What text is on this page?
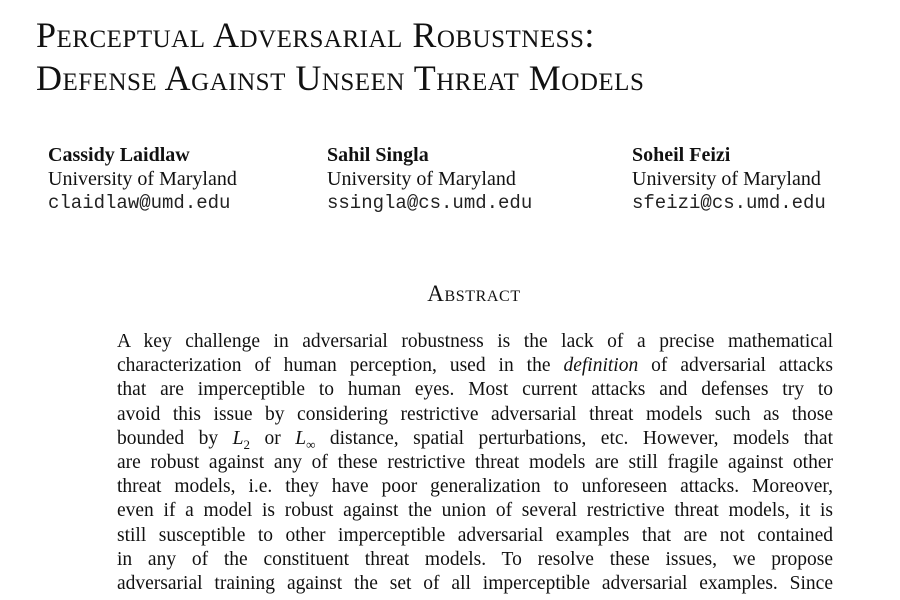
Perceptual Adversarial Robustness:
Defense Against Unseen Threat Models
Cassidy Laidlaw
University of Maryland
claidlaw@umd.edu
Sahil Singla
University of Maryland
ssingla@cs.umd.edu
Soheil Feizi
University of Maryland
sfeizi@cs.umd.edu
Abstract
A key challenge in adversarial robustness is the lack of a precise mathematical
characterization of human perception, used in the definition of adversarial attacks
that are imperceptible to human eyes. Most current attacks and defenses try to
avoid this issue by considering restrictive adversarial threat models such as those
bounded by $L_2$ or $L_\infty$ distance, spatial perturbations, etc. However, models that
are robust against any of these restrictive threat models are still fragile against other
threat models, i.e. they have poor generalization to unforeseen attacks. Moreover,
even if a model is robust against the union of several restrictive threat models, it is
still susceptible to other imperceptible adversarial examples that are not contained
in any of the constituent threat models. To resolve these issues, we propose
adversarial training against the set of all imperceptible adversarial examples. Since
